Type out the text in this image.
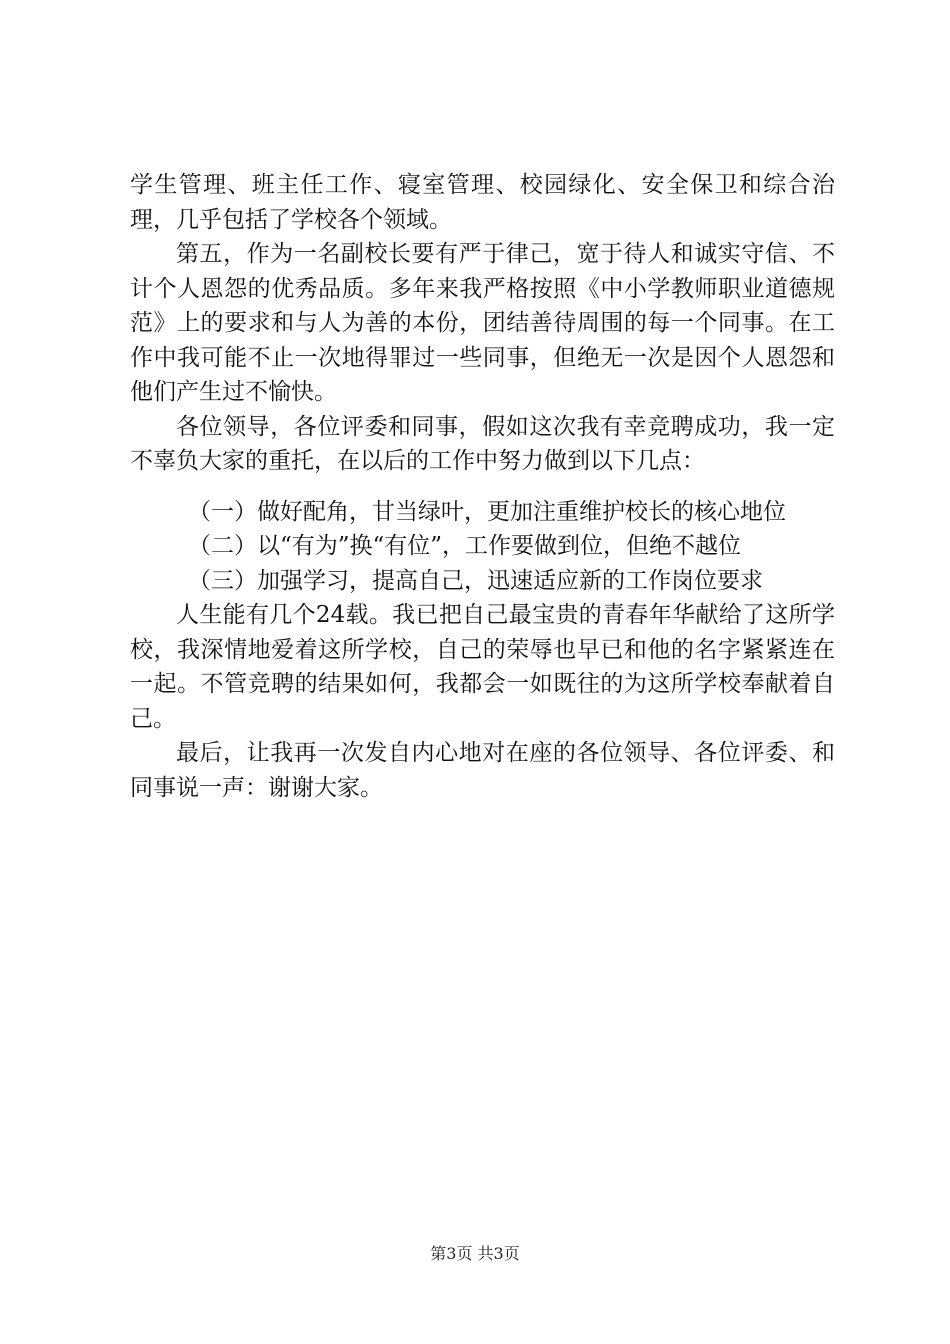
学生管理、班主任工作、寝室管理、校园绿化、安全保卫和综合治理，几乎包括了学校各个领域。

第五，作为一名副校长要有严于律己，宽于待人和诚实守信、不计个人恩怨的优秀品质。多年来我严格按照《中小学教师职业道德规范》上的要求和与人为善的本份，团结善待周围的每一个同事。在工作中我可能不止一次地得罪过一些同事，但绝无一次是因个人恩怨和他们产生过不愉快。

各位领导，各位评委和同事，假如这次我有幸竞聘成功，我一定不辜负大家的重托，在以后的工作中努力做到以下几点：

（一）做好配角，甘当绿叶，更加注重维护校长的核心地位

（二）以“有为”换“有位”，工作要做到位，但绝不越位

（三）加强学习，提高自己，迅速适应新的工作岗位要求

人生能有几个24载。我已把自己最宝贵的青春年华献给了这所学校，我深情地爱着这所学校，自己的荣辱也早已和他的名字紧紧连在一起。不管竞聘的结果如何，我都会一如既往的为这所学校奉献着自己。

最后，让我再一次发自内心地对在座的各位领导、各位评委、和同事说一声：谢谢大家。

第3页 共3页
